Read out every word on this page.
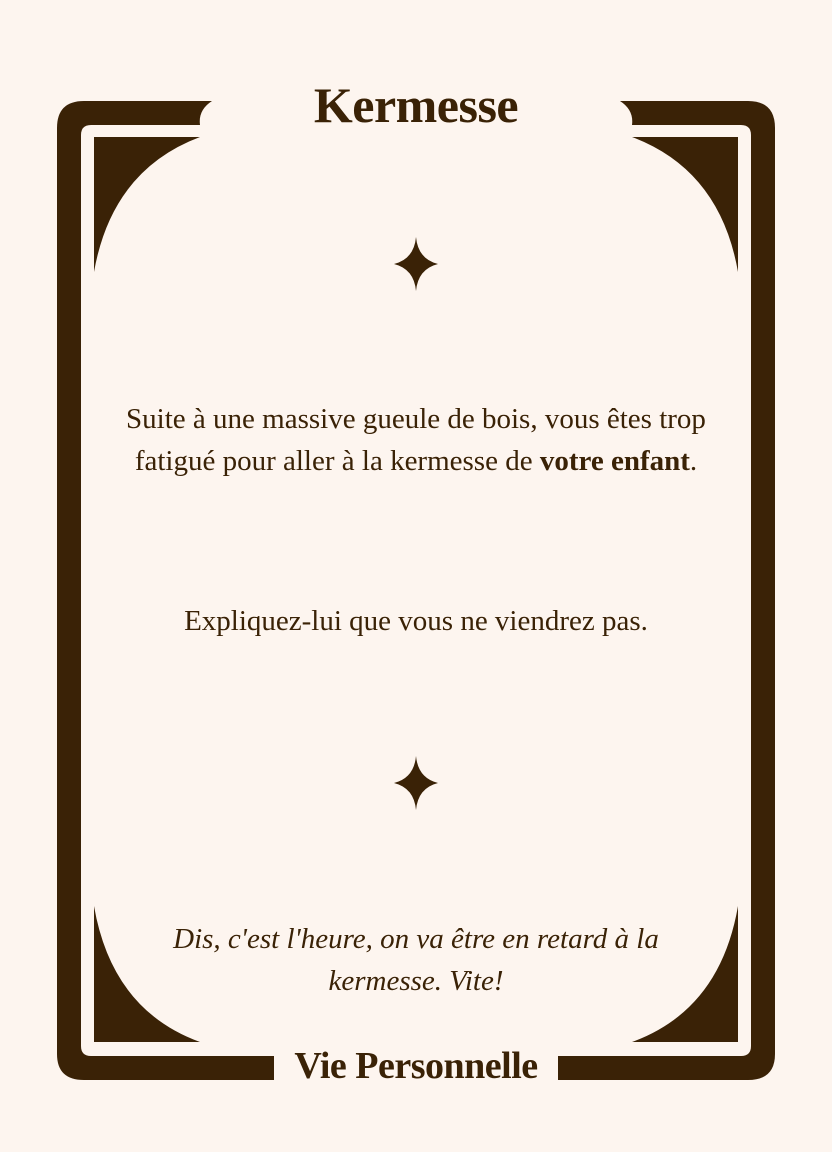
Kermesse

Suite à une massive gueule de bois, vous êtes trop fatigué pour aller à la kermesse de votre enfant.

Expliquez-lui que vous ne viendrez pas.

Dis, c'est l'heure, on va être en retard à la kermesse. Vite!

Vie Personnelle
